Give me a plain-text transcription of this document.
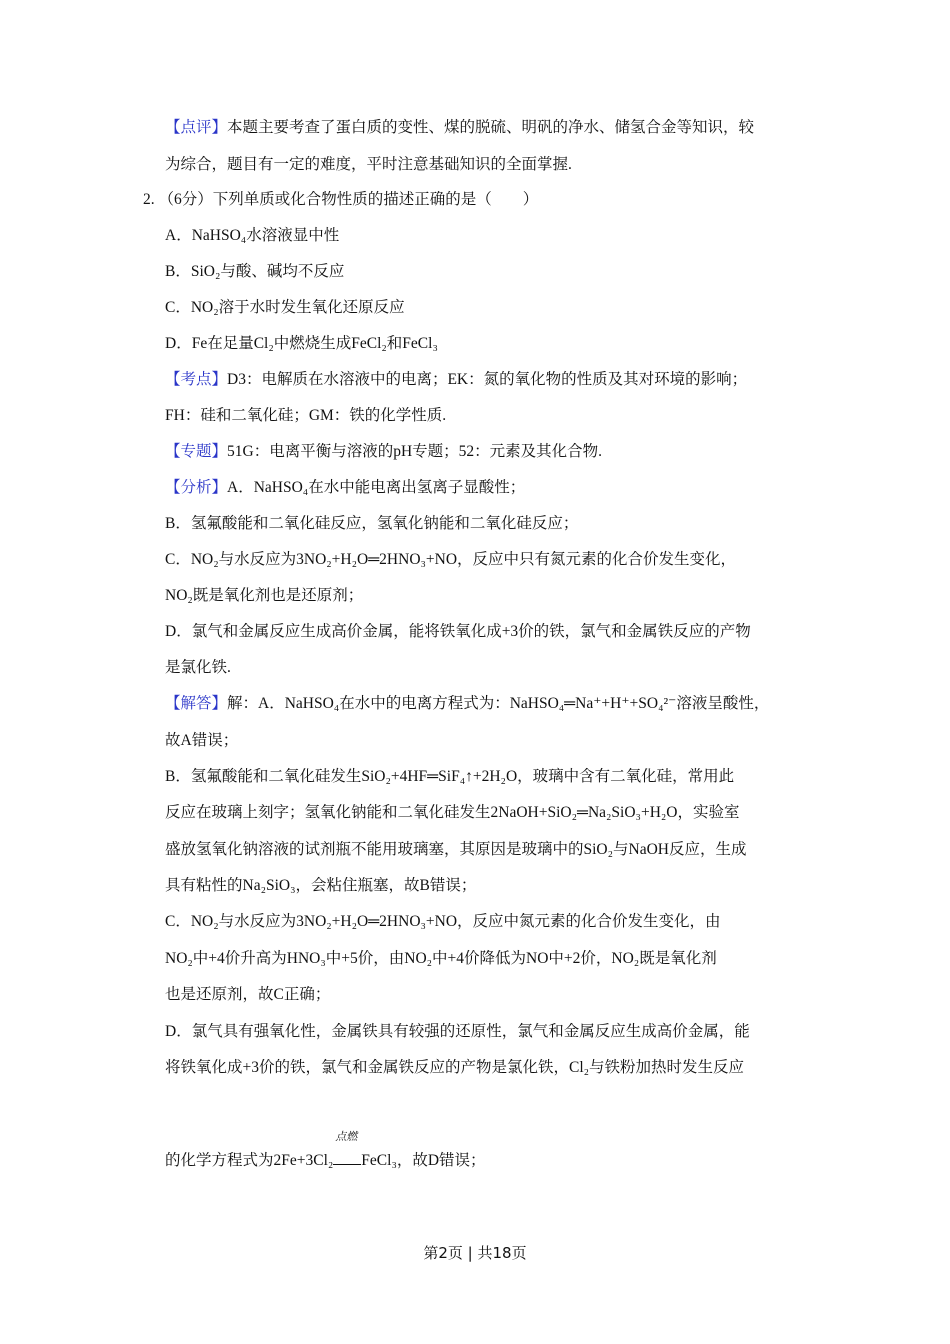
【点评】本题主要考查了蛋白质的变性、煤的脱硫、明矾的净水、储氢合金等知识，较
为综合，题目有一定的难度，平时注意基础知识的全面掌握.
2. （6分）下列单质或化合物性质的描述正确的是（　　）
A．NaHSO₄水溶液显中性
B．SiO₂与酸、碱均不反应
C．NO₂溶于水时发生氧化还原反应
D．Fe在足量Cl₂中燃烧生成FeCl₂和FeCl₃
【考点】D3：电解质在水溶液中的电离；EK：氮的氧化物的性质及其对环境的影响；
FH：硅和二氧化硅；GM：铁的化学性质.
【专题】51G：电离平衡与溶液的pH专题；52：元素及其化合物.
【分析】A．NaHSO₄在水中能电离出氢离子显酸性；
B．氢氟酸能和二氧化硅反应，氢氧化钠能和二氧化硅反应；
C．NO₂与水反应为3NO₂+H₂O═2HNO₃+NO，反应中只有氮元素的化合价发生变化，
NO₂既是氧化剂也是还原剂；
D．氯气和金属反应生成高价金属，能将铁氧化成+3价的铁，氯气和金属铁反应的产物
是氯化铁.
【解答】解：A．NaHSO₄在水中的电离方程式为：NaHSO₄═Na⁺+H⁺+SO₄²⁻溶液呈酸性，
故A错误；
B．氢氟酸能和二氧化硅发生SiO₂+4HF═SiF₄↑+2H₂O，玻璃中含有二氧化硅，常用此
反应在玻璃上刻字；氢氧化钠能和二氧化硅发生2NaOH+SiO₂═Na₂SiO₃+H₂O，实验室
盛放氢氧化钠溶液的试剂瓶不能用玻璃塞，其原因是玻璃中的SiO₂与NaOH反应，生成
具有粘性的Na₂SiO₃，会粘住瓶塞，故B错误；
C．NO₂与水反应为3NO₂+H₂O═2HNO₃+NO，反应中氮元素的化合价发生变化，由
NO₂中+4价升高为HNO₃中+5价，由NO₂中+4价降低为NO中+2价，NO₂既是氧化剂
也是还原剂，故C正确；
D．氯气具有强氧化性，金属铁具有较强的还原性，氯气和金属反应生成高价金属，能
将铁氧化成+3价的铁，氯气和金属铁反应的产物是氯化铁，Cl₂与铁粉加热时发生反应
的化学方程式为2Fe+3Cl₂
点燃
FeCl₃，故D错误；
第2页 | 共18页
